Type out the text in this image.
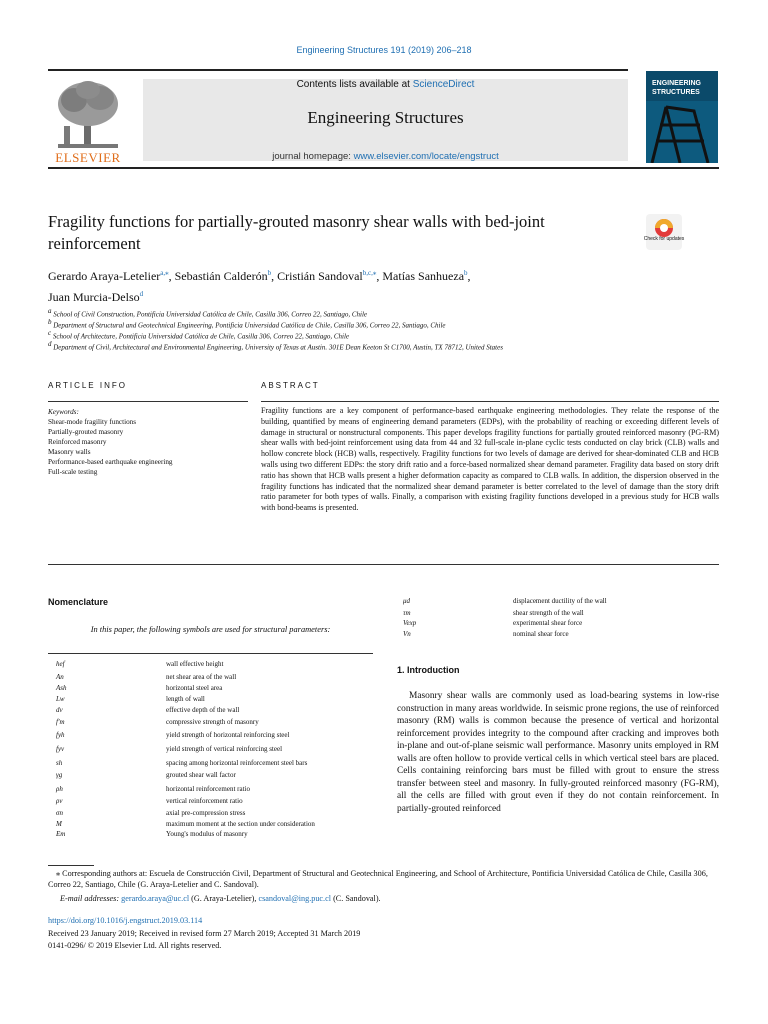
Engineering Structures 191 (2019) 206–218
ELSEVIER
Contents lists available at ScienceDirect
Engineering Structures
journal homepage: www.elsevier.com/locate/engstruct
ENGINEERING STRUCTURES
Fragility functions for partially-grouted masonry shear walls with bed-joint reinforcement	Check for updates
Gerardo Araya-Letelier$^{a,⁎}$, Sebastián Calderón$^b$, Cristián Sandoval$^{b,c,⁎}$, Matías Sanhueza$^b$,
Juan Murcia-Delso$^d$
$^a$ School of Civil Construction, Pontificia Universidad Católica de Chile, Casilla 306, Correo 22, Santiago, Chile
$^b$ Department of Structural and Geotechnical Engineering, Pontificia Universidad Católica de Chile, Casilla 306, Correo 22, Santiago, Chile
$^c$ School of Architecture, Pontificia Universidad Católica de Chile, Casilla 306, Correo 22, Santiago, Chile
$^d$ Department of Civil, Architectural and Environmental Engineering, University of Texas at Austin. 301E Dean Keeton St C1700, Austin, TX 78712, United States
ARTICLE INFO	ABSTRACT
Keywords:
Shear-mode fragility functions
Partially-grouted masonry
Reinforced masonry
Masonry walls
Performance-based earthquake engineering
Full-scale testing
Fragility functions are a key component of performance-based earthquake engineering methodologies. They relate the response of the building, quantified by means of engineering demand parameters (EDPs), with the probability of reaching or exceeding different levels of damage in structural or nonstructural components. This paper develops fragility functions for partially grouted reinforced masonry (PG-RM) shear walls with bed-joint reinforcement using data from 44 and 32 full-scale in-plane cyclic tests conducted on clay brick (CLB) walls and hollow concrete block (HCB) walls, respectively. Fragility functions for two levels of damage are derived for shear-dominated CLB and HCB walls using two different EDPs: the story drift ratio and a force-based normalized shear demand parameter. Fragility data based on story drift ratio has shown that HCB walls present a higher deformation capacity as compared to CLB walls. In addition, the dispersion observed in the fragility functions has indicated that the normalized shear demand parameter is better correlated to the level of damage than the story drift ratio parameter for both types of walls. Finally, a comparison with existing fragility functions developed in a previous study for HCB walls with bond-beams is presented.
Nomenclature
In this paper, the following symbols are used for structural parameters:
hef	wall effective height
An	net shear area of the wall
Ash	horizontal steel area
Lw	length of wall
dv	effective depth of the wall
f′m	compressive strength of masonry
fyh	yield strength of horizontal reinforcing steel
fyv	yield strength of vertical reinforcing steel
sh	spacing among horizontal reinforcement steel bars
γg	grouted shear wall factor
ρh	horizontal reinforcement ratio
ρv	vertical reinforcement ratio
σn	axial pre-compression stress
M	maximum moment at the section under consideration
Em	Young's modulus of masonry
μd	displacement ductility of the wall
τm	shear strength of the wall
Vexp	experimental shear force
Vn	nominal shear force
1. Introduction
Masonry shear walls are commonly used as load-bearing systems in low-rise construction in many areas worldwide. In seismic prone regions, the use of reinforced masonry (RM) walls is common because the presence of vertical and horizontal reinforcement provides integrity to the compound after cracking and improves both in-plane and out-of-plane seismic wall performance. Masonry units employed in RM walls are often hollow to provide vertical cells in which vertical steel bars are placed. Cells containing reinforcing bars must be filled with grout to ensure the stress transfer between steel and masonry. In fully-grouted reinforced masonry (FG-RM), all the cells are filled with grout even if they do not contain reinforcement. In partially-grouted reinforced
⁎ Corresponding authors at: Escuela de Construcción Civil, Department of Structural and Geotechnical Engineering, and School of Architecture, Pontificia Universidad Católica de Chile, Casilla 306, Correo 22, Santiago, Chile (G. Araya-Letelier and C. Sandoval).
E-mail addresses: gerardo.araya@uc.cl (G. Araya-Letelier), csandoval@ing.puc.cl (C. Sandoval).
https://doi.org/10.1016/j.engstruct.2019.03.114
Received 23 January 2019; Received in revised form 27 March 2019; Accepted 31 March 2019
0141-0296/ © 2019 Elsevier Ltd. All rights reserved.
